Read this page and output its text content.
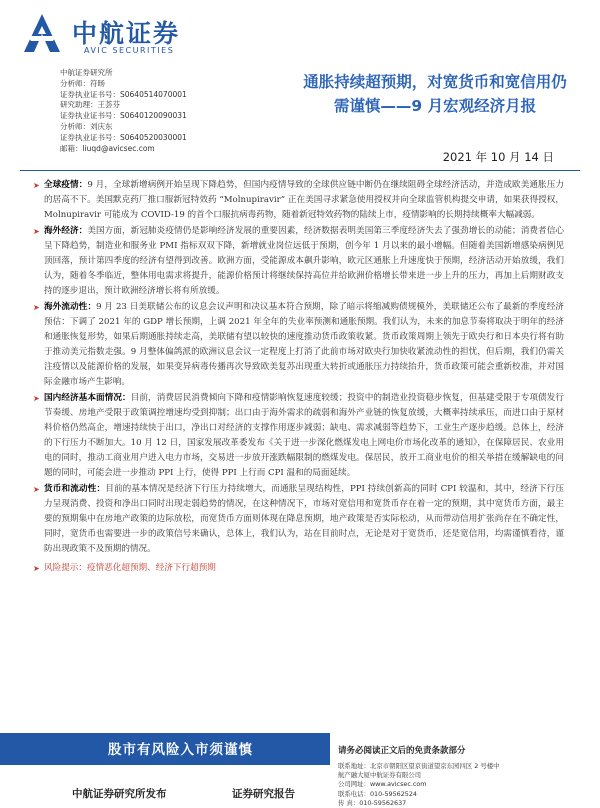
中航证券
AVIC SECURITIES
中航证券研究所
分析师：符旸
证券执业证书号：S0640514070001
研究助理：王荟芬
证券执业证书号：S0640120090031
分析师：刘庆东
证券执业证书号：S0640520030001
邮箱：liuqd@avicsec.com
通胀持续超预期，对宽货币和宽信用仍
需谨慎——9 月宏观经济月报
2021 年 10 月 14 日
➤ 全球疫情：9 月，全球新增病例开始呈现下降趋势，但国内疫情导致的全球供应链中断仍在继续阻碍全球经济活动，并造成欧美通胀压力的居高不下。美国默克药厂推口服新冠特效药 “Molnupiravir” 正在美国寻求紧急使用授权并向全球监管机构提交申请，如果获得授权，Molnupiravir 可能成为 COVID-19 的首个口服抗病毒药物，随着新冠特效药物的陆续上市，疫情影响的长期持续概率大幅减弱。
➤ 海外经济：美国方面，新冠肺炎疫情仍是影响经济发展的重要因素，经济数据表明美国第三季度经济失去了强劲增长的动能；消费者信心呈下降趋势，制造业和服务业 PMI 指标双双下降，新增就业岗位远低于预期，创今年 1 月以来的最小增幅。但随着美国新增感染病例见顶回落，预计第四季度的经济有望得到改善。欧洲方面，受能源成本飙升影响，欧元区通胀上升速度快于预期，经济活动开始放缓，我们认为，随着冬季临近，整体用电需求将提升，能源价格预计将继续保持高位并给欧洲价格增长带来进一步上升的压力，再加上后期财政支持的逐步退出，预计欧洲经济增长将有所放缓。
➤ 海外流动性：9 月 23 日美联储公布的议息会议声明和决议基本符合预期，除了暗示将缩减购债规模外，美联储还公布了最新的季度经济预估：下调了 2021 年的 GDP 增长预期，上调 2021 年全年的失业率预测和通胀预期。我们认为，未来的加息节奏将取决于明年的经济和通胀恢复形势，如果后期通胀持续走高，美联储有望以较快的速度推动货币政策收紧。货币政策周期上领先于欧央行和日本央行将有助于推动美元指数走强。9 月整体偏鸽派的欧洲议息会议一定程度上打消了此前市场对欧央行加快收紧流动性的担忧，但后期，我们仍需关注疫情以及能源价格的发展，如果变异病毒传播再次导致欧美复苏出现重大转折或通胀压力持续抬升，货币政策可能会重新校准，并对国际金融市场产生影响。
➤ 国内经济基本面情况：目前，消费居民消费倾向下降和疫情影响恢复速度较缓；投资中的制造业投资稳步恢复，但基建受限于专项债发行节奏缓、房地产受限于政策调控增速均受到抑制；出口由于海外需求的疏弱和海外产业链的恢复放缓，大概率持续承压，而进口由于原材料价格仍然高企，增速持续快于出口，净出口对经济的支撑作用逐步减弱；缺电、需求减弱等趋势下，工业生产逐步趋缓。总体上，经济的下行压力不断加大。10 月 12 日，国家发展改革委发布《关于进一步深化燃煤发电上网电价市场化改革的通知》，在保障居民、农业用电的同时，推动工商业用户进入电力市场，交易进一步放开涨跌幅限制的燃煤发电。保居民，放开工商业电价的相关举措在缓解缺电的问题的同时，可能会进一步推动 PPI 上行，使得 PPI 上行而 CPI 温和的局面延续。
➤ 货币和流动性：目前的基本情况是经济下行压力持续增大，而通胀呈现结构性，PPI 持续创新高的同时 CPI 较温和，其中，经济下行压力呈现消费、投资和净出口同时出现走弱趋势的情况，在这种情况下，市场对宽信用和宽货币存在着一定的预期，其中宽货币方面，最主要的预期集中在房地产政策的边际放松，而宽货币方面则体现在降息预期，地产政策是否实际松动，从而带动信用扩张尚存在不确定性，同时，宽货币也需要进一步的政策信号来确认，总体上，我们认为，站在目前时点，无论是对于宽货币，还是宽信用，均需谨慎看待，谨防出现政策不及预期的情况。
➤ 风险提示：疫情恶化超预期、经济下行超预期
股市有风险入市须谨慎	请务必阅读正文后的免责条款部分
联系地址：北京市朝阳区望京街道望京东园四区 2 号楼中
航产融大厦中航证券有限公司
公司网址：www.avicsec.com
联系电话：010-59562524
传 真：010-59562637
中航证券研究所发布	证券研究报告
